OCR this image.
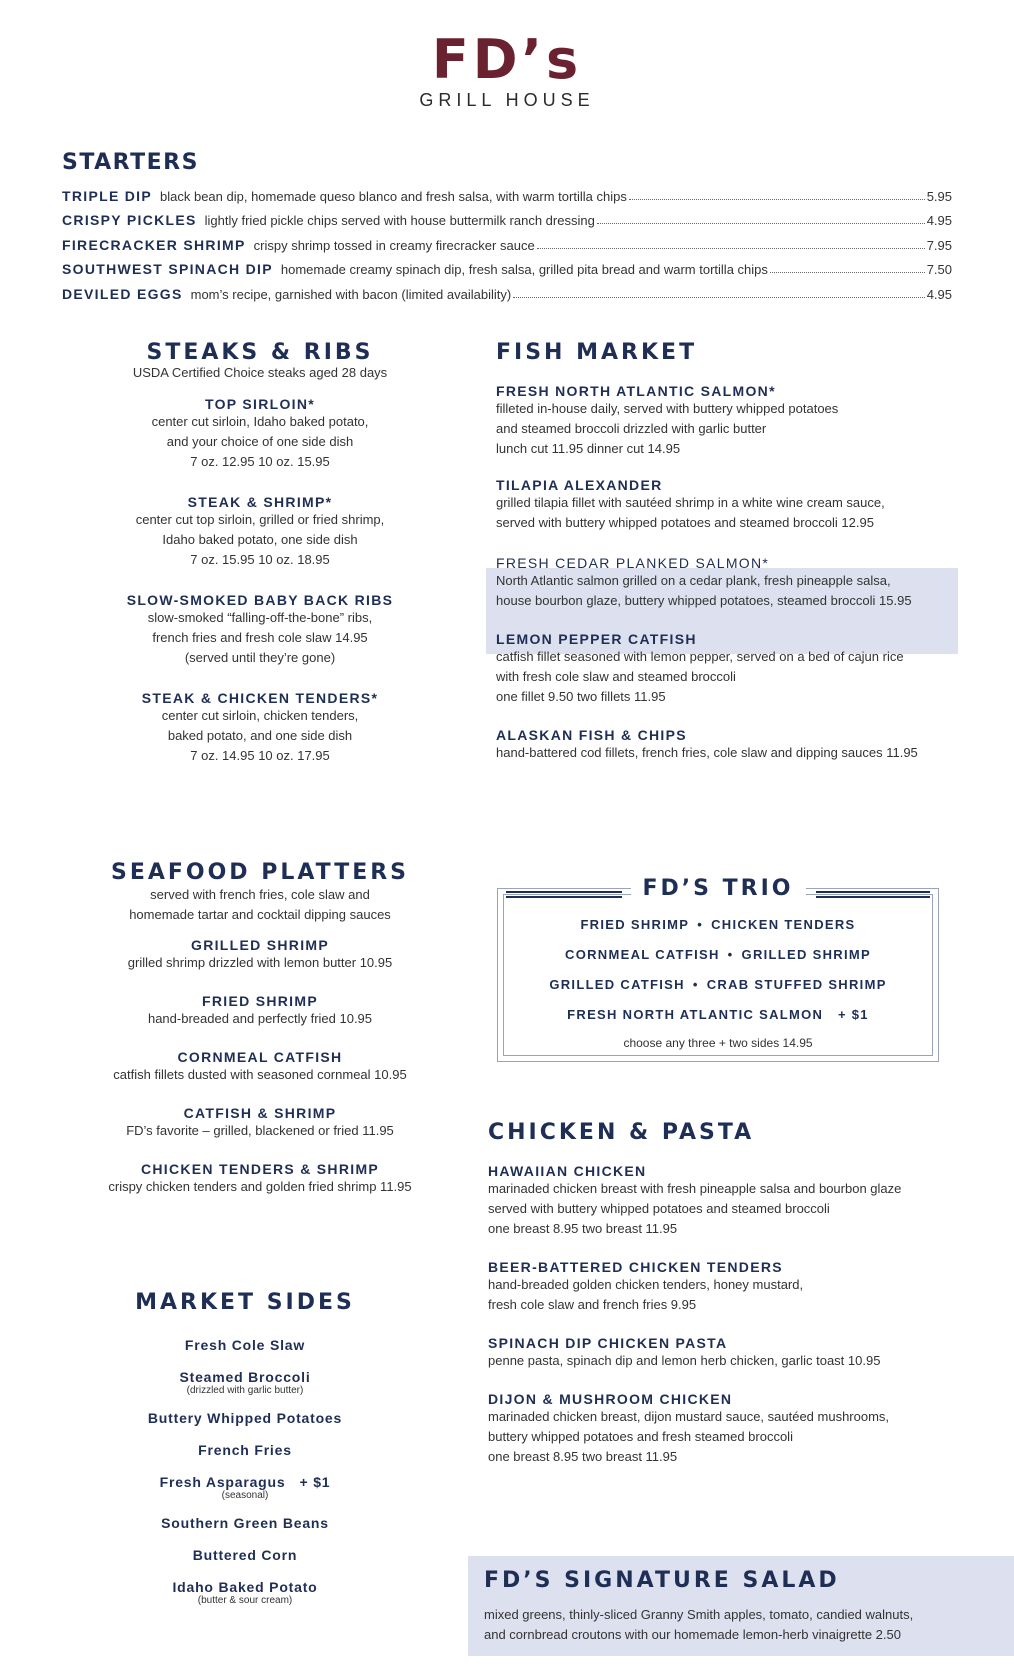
FD’s
GRILL HOUSE
STARTERS
TRIPLE DIP black bean dip, homemade queso blanco and fresh salsa, with warm tortilla chips	5.95
CRISPY PICKLES lightly fried pickle chips served with house buttermilk ranch dressing	4.95
FIRECRACKER SHRIMP crispy shrimp tossed in creamy firecracker sauce	7.95
SOUTHWEST SPINACH DIP homemade creamy spinach dip, fresh salsa, grilled pita bread and warm tortilla chips	7.50
DEVILED EGGS mom’s recipe, garnished with bacon (limited availability)	4.95
STEAKS & RIBS
USDA Certified Choice steaks aged 28 days
TOP SIRLOIN*
center cut sirloin, Idaho baked potato,
and your choice of one side dish
7 oz. 12.95 10 oz. 15.95
STEAK & SHRIMP*
center cut top sirloin, grilled or fried shrimp,
Idaho baked potato, one side dish
7 oz. 15.95 10 oz. 18.95
SLOW-SMOKED BABY BACK RIBS
slow-smoked “falling-off-the-bone” ribs,
french fries and fresh cole slaw 14.95
(served until they’re gone)
STEAK & CHICKEN TENDERS*
center cut sirloin, chicken tenders,
baked potato, and one side dish
7 oz. 14.95 10 oz. 17.95
FISH MARKET
FRESH NORTH ATLANTIC SALMON*
filleted in-house daily, served with buttery whipped potatoes
and steamed broccoli drizzled with garlic butter
lunch cut 11.95 dinner cut 14.95
TILAPIA ALEXANDER
grilled tilapia fillet with sautéed shrimp in a white wine cream sauce,
served with buttery whipped potatoes and steamed broccoli 12.95
FRESH CEDAR PLANKED SALMON*
North Atlantic salmon grilled on a cedar plank, fresh pineapple salsa,
house bourbon glaze, buttery whipped potatoes, steamed broccoli 15.95
LEMON PEPPER CATFISH
catfish fillet seasoned with lemon pepper, served on a bed of cajun rice
with fresh cole slaw and steamed broccoli
one fillet 9.50 two fillets 11.95
ALASKAN FISH & CHIPS
hand-battered cod fillets, french fries, cole slaw and dipping sauces 11.95
SEAFOOD PLATTERS
served with french fries, cole slaw and
homemade tartar and cocktail dipping sauces
GRILLED SHRIMP
grilled shrimp drizzled with lemon butter 10.95
FRIED SHRIMP
hand-breaded and perfectly fried 10.95
CORNMEAL CATFISH
catfish fillets dusted with seasoned cornmeal 10.95
CATFISH & SHRIMP
FD’s favorite – grilled, blackened or fried 11.95
CHICKEN TENDERS & SHRIMP
crispy chicken tenders and golden fried shrimp 11.95
FD’S TRIO
FRIED SHRIMP • CHICKEN TENDERS
CORNMEAL CATFISH • GRILLED SHRIMP
GRILLED CATFISH • CRAB STUFFED SHRIMP
FRESH NORTH ATLANTIC SALMON   + $1
choose any three + two sides 14.95
CHICKEN & PASTA
HAWAIIAN CHICKEN
marinaded chicken breast with fresh pineapple salsa and bourbon glaze
served with buttery whipped potatoes and steamed broccoli
one breast 8.95 two breast 11.95
BEER-BATTERED CHICKEN TENDERS
hand-breaded golden chicken tenders, honey mustard,
fresh cole slaw and french fries 9.95
SPINACH DIP CHICKEN PASTA
penne pasta, spinach dip and lemon herb chicken, garlic toast 10.95
DIJON & MUSHROOM CHICKEN
marinaded chicken breast, dijon mustard sauce, sautéed mushrooms,
buttery whipped potatoes and fresh steamed broccoli
one breast 8.95 two breast 11.95
MARKET SIDES
Fresh Cole Slaw
Steamed Broccoli
(drizzled with garlic butter)
Buttery Whipped Potatoes
French Fries
Fresh Asparagus   + $1
(seasonal)
Southern Green Beans
Buttered Corn
Idaho Baked Potato
(butter & sour cream)
FD’S SIGNATURE SALAD
mixed greens, thinly-sliced Granny Smith apples, tomato, candied walnuts,
and cornbread croutons with our homemade lemon-herb vinaigrette 2.50
